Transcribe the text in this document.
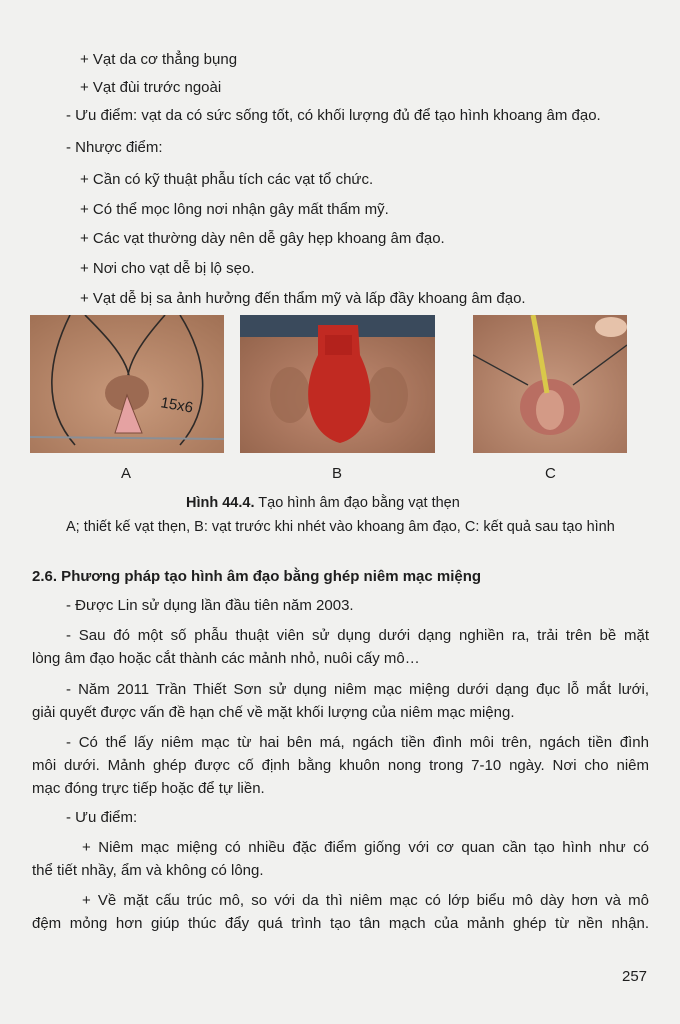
+ Vạt da cơ thẳng bụng
+ Vạt đùi trước ngoài
- Ưu điểm: vạt da có sức sống tốt, có khối lượng đủ để tạo hình khoang âm đạo.
- Nhược điểm:
+ Cần có kỹ thuật phẫu tích các vạt tổ chức.
+ Có thể mọc lông nơi nhận gây mất thẩm mỹ.
+ Các vạt thường dày nên dễ gây hẹp khoang âm đạo.
+ Nơi cho vạt dễ bị lộ sẹo.
+ Vạt dễ bị sa ảnh hưởng đến thẩm mỹ và lấp đầy khoang âm đạo.
15x6
A	B	C
Hình 44.4. Tạo hình âm đạo bằng vạt thẹn
A; thiết kế vạt thẹn, B: vạt trước khi nhét vào khoang âm đạo, C: kết quả sau tạo hình
2.6. Phương pháp tạo hình âm đạo bằng ghép niêm mạc miệng
- Được Lin sử dụng lần đầu tiên năm 2003.
- Sau đó một số phẫu thuật viên sử dụng dưới dạng nghiền ra, trải trên bề mặt
lòng âm đạo hoặc cắt thành các mảnh nhỏ, nuôi cấy mô…
- Năm 2011 Trần Thiết Sơn sử dụng niêm mạc miệng dưới dạng đục lỗ mắt lưới,
giải quyết được vấn đề hạn chế về mặt khối lượng của niêm mạc miệng.
- Có thể lấy niêm mạc từ hai bên má, ngách tiền đình môi trên, ngách tiền đình
môi dưới. Mảnh ghép được cố định bằng khuôn nong trong 7-10 ngày. Nơi cho niêm
mạc đóng trực tiếp hoặc để tự liền.
- Ưu điểm:
+ Niêm mạc miệng có nhiều đặc điểm giống với cơ quan cần tạo hình như có
thể tiết nhầy, ẩm và không có lông.
+ Về mặt cấu trúc mô, so với da thì niêm mạc có lớp biểu mô dày hơn và mô
đệm mỏng hơn giúp thúc đẩy quá trình tạo tân mạch của mảnh ghép từ nền nhận.
257
